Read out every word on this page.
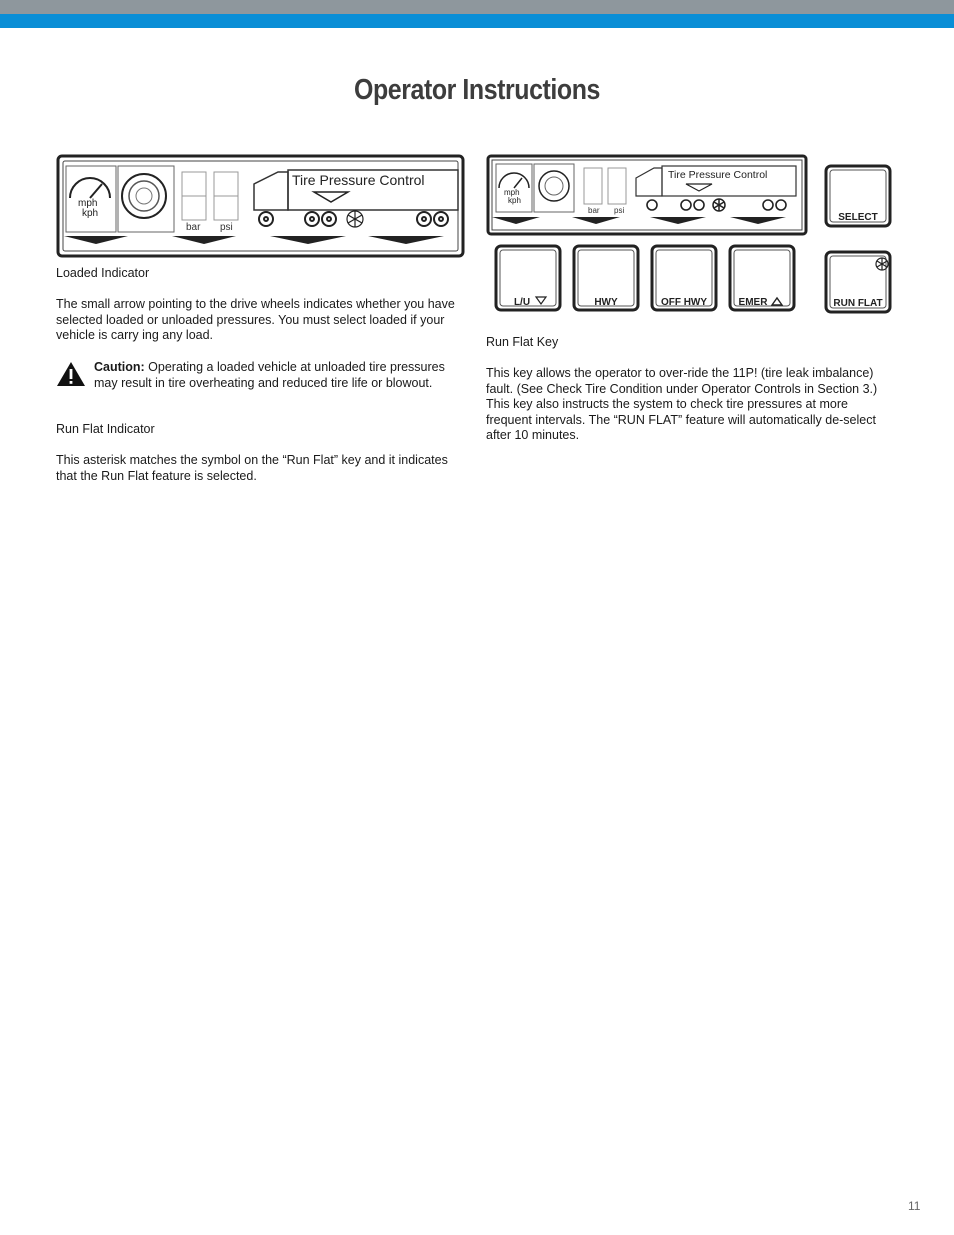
Operator Instructions
mph
kph
bar psi
Tire Pressure Control
mph
kph
bar psi
Tire Pressure Control
SELECT
L/U	HWY	OFF HWY	EMER	RUN FLAT
Loaded Indicator
The small arrow pointing to the drive wheels indicates whether you have selected loaded or unloaded pressures. You must select loaded if your vehicle is carry ing any load.
Caution: Operating a loaded vehicle at unloaded tire pressures may result in tire overheating and reduced tire life or blowout.
Run Flat Indicator
This asterisk matches the symbol on the “Run Flat” key and it indicates that the Run Flat feature is selected.
Run Flat Key
This key allows the operator to over-ride the 11P! (tire leak imbalance) fault. (See Check Tire Condition under Operator Controls in Section 3.) This key also instructs the system to check tire pressures at more frequent intervals. The “RUN FLAT” feature will automatically de-select after 10 minutes.
11
